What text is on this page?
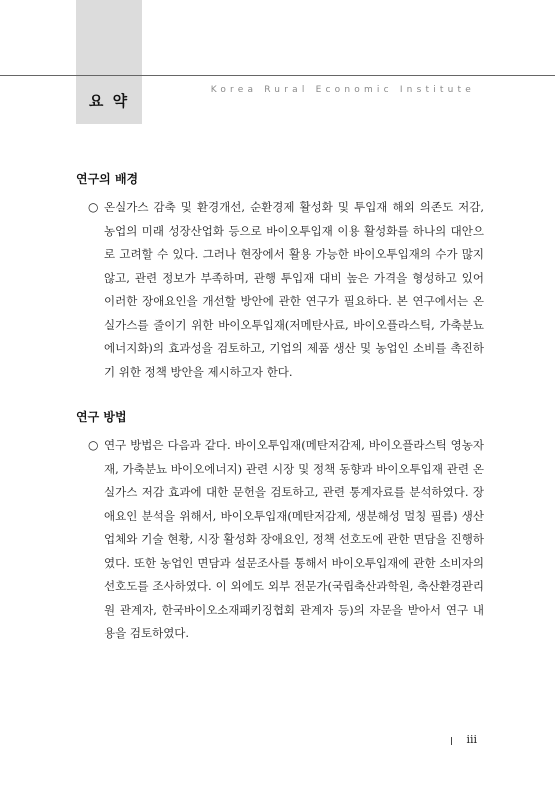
요 약
Korea Rural Economic Institute
연구의 배경
○ 온실가스 감축 및 환경개선, 순환경제 활성화 및 투입재 해외 의존도 저감, 농업의 미래 성장산업화 등으로 바이오투입재 이용 활성화를 하나의 대안으로 고려할 수 있다. 그러나 현장에서 활용 가능한 바이오투입재의 수가 많지 않고, 관련 정보가 부족하며, 관행 투입재 대비 높은 가격을 형성하고 있어 이러한 장애요인을 개선할 방안에 관한 연구가 필요하다. 본 연구에서는 온실가스를 줄이기 위한 바이오투입재(저메탄사료, 바이오플라스틱, 가축분뇨 에너지화)의 효과성을 검토하고, 기업의 제품 생산 및 농업인 소비를 촉진하기 위한 정책 방안을 제시하고자 한다.
연구 방법
○ 연구 방법은 다음과 같다. 바이오투입재(메탄저감제, 바이오플라스틱 영농자재, 가축분뇨 바이오에너지) 관련 시장 및 정책 동향과 바이오투입재 관련 온실가스 저감 효과에 대한 문헌을 검토하고, 관련 통계자료를 분석하였다. 장애요인 분석을 위해서, 바이오투입재(메탄저감제, 생분해성 멀칭 필름) 생산업체와 기술 현황, 시장 활성화 장애요인, 정책 선호도에 관한 면담을 진행하였다. 또한 농업인 면담과 설문조사를 통해서 바이오투입재에 관한 소비자의 선호도를 조사하였다. 이 외에도 외부 전문가(국립축산과학원, 축산환경관리원 관계자, 한국바이오소재패키징협회 관계자 등)의 자문을 받아서 연구 내용을 검토하였다.
iii
